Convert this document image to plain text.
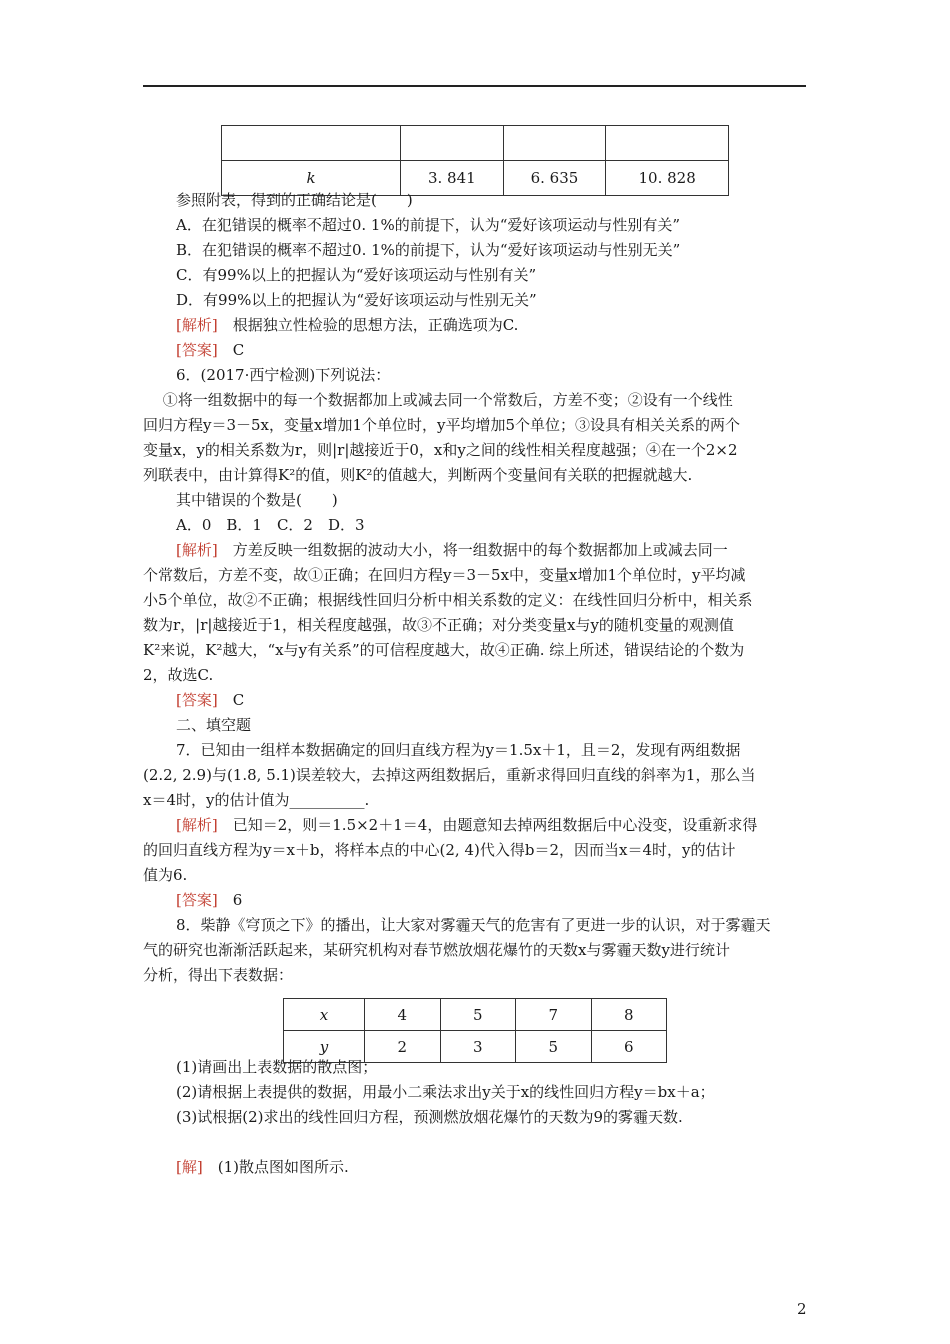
k	3. 841	6. 635	10. 828
参照附表，得到的正确结论是(　　)
A．在犯错误的概率不超过0. 1%的前提下，认为“爱好该项运动与性别有关”
B．在犯错误的概率不超过0. 1%的前提下，认为“爱好该项运动与性别无关”
C．有99%以上的把握认为“爱好该项运动与性别有关”
D．有99%以上的把握认为“爱好该项运动与性别无关”
[解析]　根据独立性检验的思想方法，正确选项为C.
[答案]　C
6．(2017·西宁检测)下列说法：
　 ①将一组数据中的每一个数据都加上或减去同一个常数后，方差不变；②设有一个线性
回归方程y＝3－5x，变量x增加1个单位时，y平均增加5个单位；③设具有相关关系的两个
变量x，y的相关系数为r，则|r|越接近于0，x和y之间的线性相关程度越强；④在一个2×2
列联表中，由计算得K²的值，则K²的值越大，判断两个变量间有关联的把握就越大.
其中错误的个数是(　　)
A．0　B．1　C．2　D．3
[解析]　方差反映一组数据的波动大小，将一组数据中的每个数据都加上或减去同一
个常数后，方差不变，故①正确；在回归方程y＝3－5x中，变量x增加1个单位时，y平均减
小5个单位，故②不正确；根据线性回归分析中相关系数的定义：在线性回归分析中，相关系
数为r，|r|越接近于1，相关程度越强，故③不正确；对分类变量x与y的随机变量的观测值
K²来说，K²越大，“x与y有关系”的可信程度越大，故④正确. 综上所述，错误结论的个数为
2，故选C.
[答案]　C
二、填空题
7．已知由一组样本数据确定的回归直线方程为y＝1.5x＋1，且＝2，发现有两组数据
(2.2, 2.9)与(1.8, 5.1)误差较大，去掉这两组数据后，重新求得回归直线的斜率为1，那么当
x＝4时，y的估计值为__________.
[解析]　已知＝2，则＝1.5×2＋1＝4，由题意知去掉两组数据后中心没变，设重新求得
的回归直线方程为y＝x＋b，将样本点的中心(2, 4)代入得b＝2，因而当x＝4时，y的估计
值为6.
[答案]　6
8．柴静《穹顶之下》的播出，让大家对雾霾天气的危害有了更进一步的认识，对于雾霾天
气的研究也渐渐活跃起来，某研究机构对春节燃放烟花爆竹的天数x与雾霾天数y进行统计
分析，得出下表数据：
(1)请画出上表数据的散点图；
(2)请根据上表提供的数据，用最小二乘法求出y关于x的线性回归方程y＝bx＋a；
(3)试根据(2)求出的线性回归方程，预测燃放烟花爆竹的天数为9的雾霾天数.
[解]　(1)散点图如图所示.
x	4	5	7	8
y	2	3	5	6
2
